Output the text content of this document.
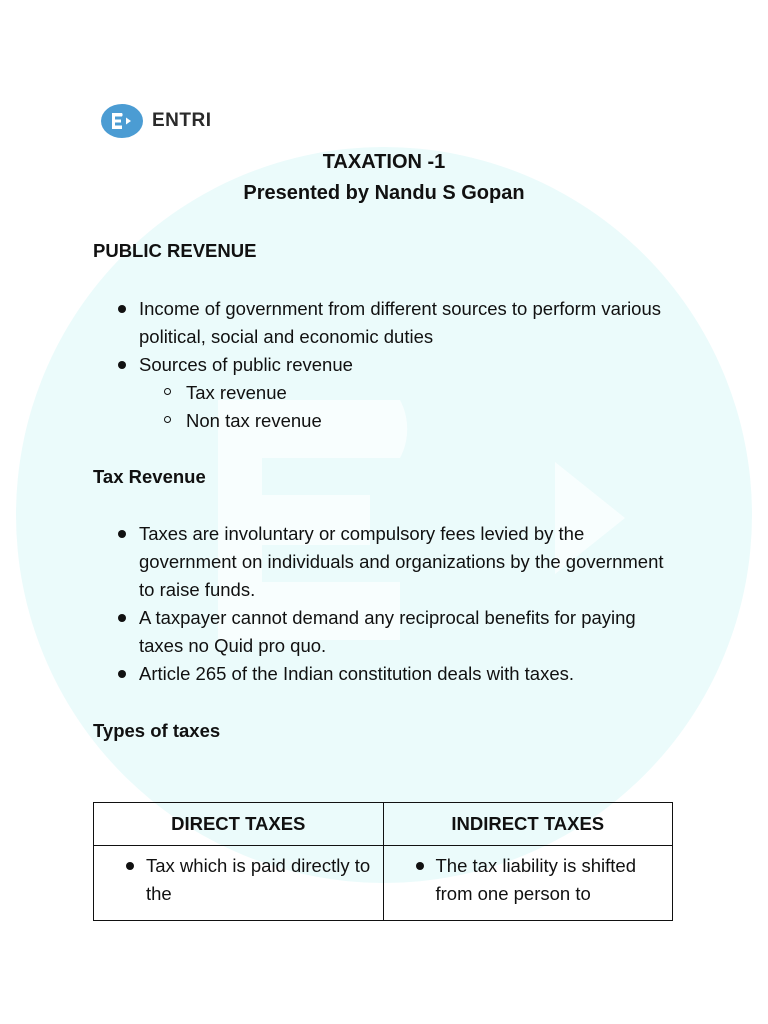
ENTRI
TAXATION -1
Presented by Nandu S Gopan
PUBLIC REVENUE
Income of government from different sources to perform various political, social and economic duties
Sources of public revenue
Tax revenue
Non tax revenue
Tax Revenue
Taxes are involuntary or compulsory fees levied by the government on individuals and organizations by the government to raise funds.
A taxpayer cannot demand any reciprocal benefits for paying taxes no Quid pro quo.
Article 265 of the Indian constitution deals with taxes.
Types of taxes
DIRECT TAXES	INDIRECT TAXES

Tax which is paid directly to the	The tax liability is shifted from one person to
